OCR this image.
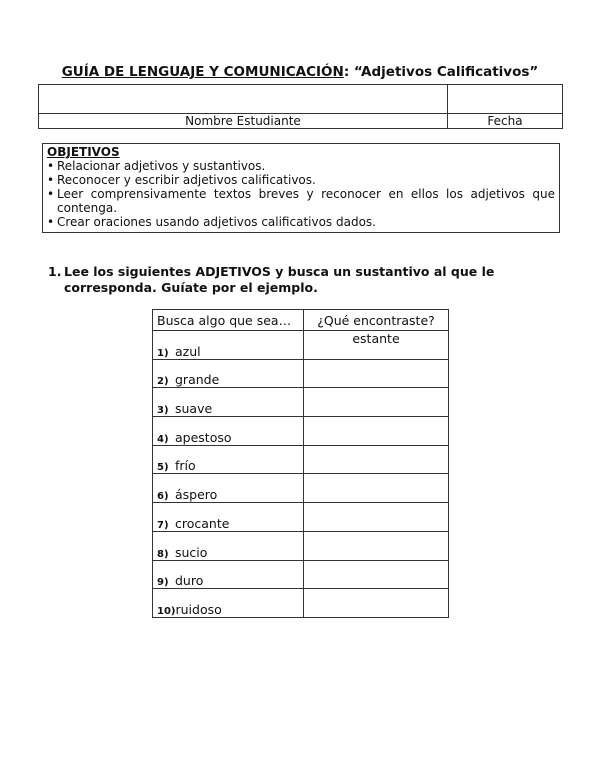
GUÍA DE LENGUAJE Y COMUNICACIÓN: “Adjetivos Calificativos”

Nombre Estudiante	Fecha
OBJETIVOS
• Relacionar adjetivos y sustantivos.
• Reconocer y escribir adjetivos calificativos.
• Leer comprensivamente textos breves y reconocer en ellos los adjetivos que contenga.
• Crear oraciones usando adjetivos calificativos dados.
1. Lee los siguientes ADJETIVOS y busca un sustantivo al que le corresponda. Guíate por el ejemplo.
Busca algo que sea…	¿Qué encontraste?
1) azul	estante
2) grande	
3) suave	
4) apestoso	
5) frío	
6) áspero	
7) crocante	
8) sucio	
9) duro	
10)ruidoso	
